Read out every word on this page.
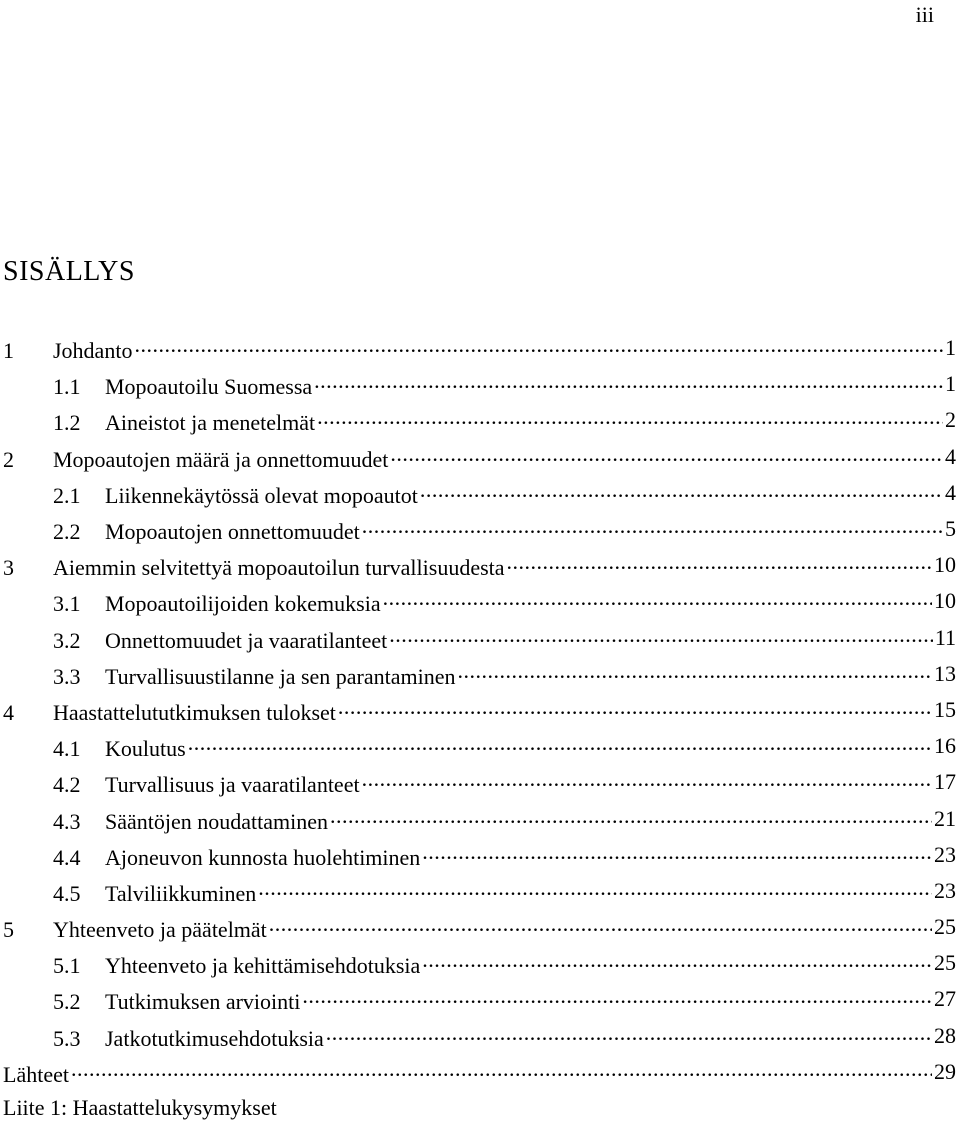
iii
SISÄLLYS
1	Johdanto .....	1
1.1	Mopoautoilu Suomessa .....	1
1.2	Aineistot ja menetelmät .....	2
2	Mopoautojen määrä ja onnettomuudet .....	4
2.1	Liikennekäytössä olevat mopoautot .....	4
2.2	Mopoautojen onnettomuudet .....	5
3	Aiemmin selvitettyä mopoautoilun turvallisuudesta .....	10
3.1	Mopoautoilijoiden kokemuksia .....	10
3.2	Onnettomuudet ja vaaratilanteet .....	11
3.3	Turvallisuustilanne ja sen parantaminen .....	13
4	Haastattelututkimuksen tulokset .....	15
4.1	Koulutus .....	16
4.2	Turvallisuus ja vaaratilanteet .....	17
4.3	Sääntöjen noudattaminen .....	21
4.4	Ajoneuvon kunnosta huolehtiminen .....	23
4.5	Talviliikkuminen .....	23
5	Yhteenveto ja päätelmät .....	25
5.1	Yhteenveto ja kehittämisehdotuksia .....	25
5.2	Tutkimuksen arviointi .....	27
5.3	Jatkotutkimusehdotuksia .....	28
Lähteet .....	29
Liite 1: Haastattelukysymykset
